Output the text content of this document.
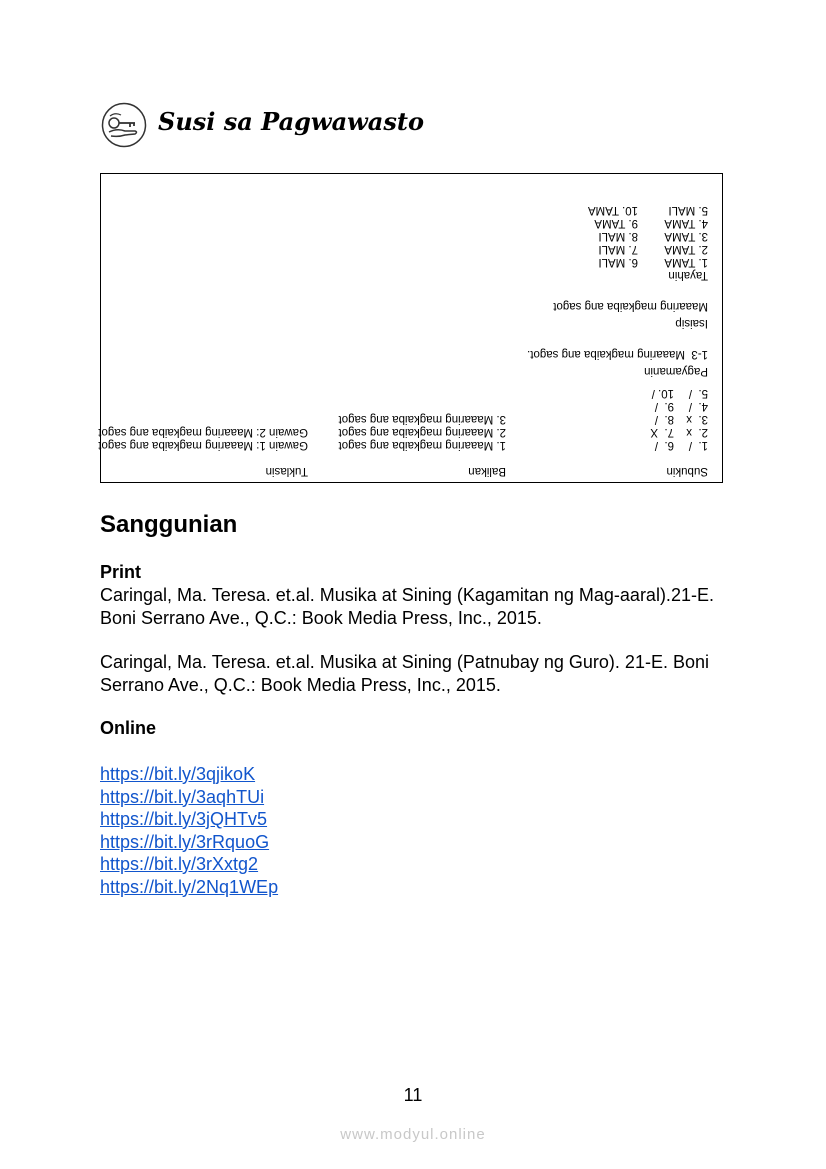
Susi sa Pagwawasto
Subukin
1.  /6.  /
2.  x7.  X
3.  x8.  /
4.  /9.  /
5.  /10. /
Balikan
1. Maaaring magkaiba ang sagot
2. Maaaring magkaiba ang sagot
3. Maaaring magkaiba ang sagot
Tuklasin
Gawain 1: Maaaring magkaiba ang sagot
Gawain 2: Maaaring magkaiba ang sagot
Pagyamanin
1-3  Maaaring magkaiba ang sagot.
Isaisip
Maaaring magkaiba ang sagot
Tayahin
1. TAMA6. MALI
2. TAMA7. MALI
3. TAMA8. MALI
4. TAMA9. TAMA
5. MALI10. TAMA
Sanggunian
Print
Caringal, Ma. Teresa. et.al. Musika at Sining (Kagamitan ng Mag-aaral).21-E. Boni Serrano Ave., Q.C.: Book Media Press, Inc., 2015.
Caringal, Ma. Teresa. et.al. Musika at Sining (Patnubay ng Guro). 21-E. Boni Serrano Ave., Q.C.: Book Media Press, Inc., 2015.
Online
https://bit.ly/3qjikoK
https://bit.ly/3aqhTUi
https://bit.ly/3jQHTv5
https://bit.ly/3rRquoG
https://bit.ly/3rXxtg2
https://bit.ly/2Nq1WEp
11
www.modyul.online
